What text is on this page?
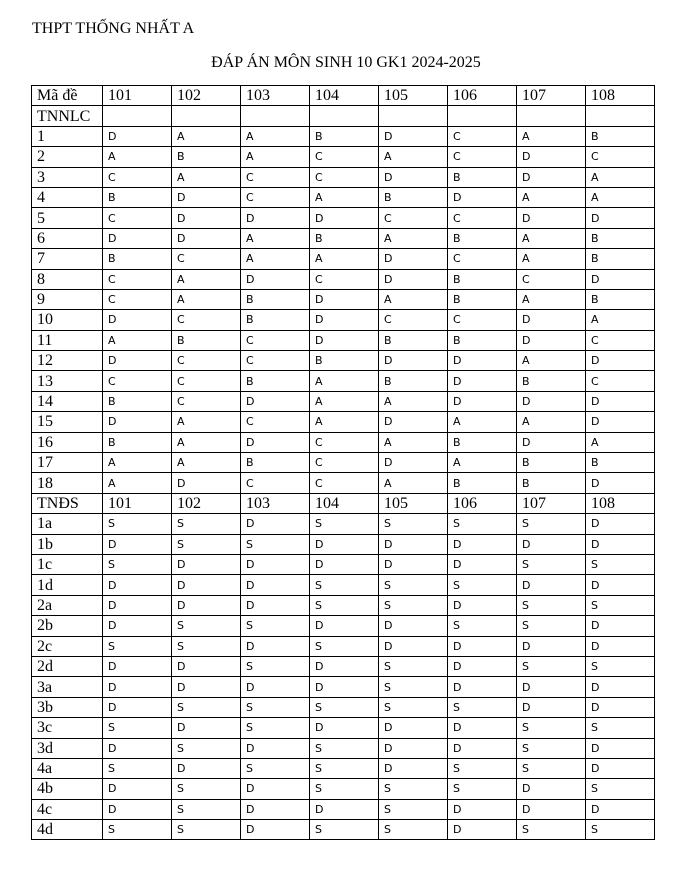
THPT THỐNG NHẤT A
ĐÁP ÁN MÔN SINH 10 GK1 2024-2025
Mã đề	101	102	103	104	105	106	107	108
TNNLC								
1	D	A	A	B	D	C	A	B
2	A	B	A	C	A	C	D	C
3	C	A	C	C	D	B	D	A
4	B	D	C	A	B	D	A	A
5	C	D	D	D	C	C	D	D
6	D	D	A	B	A	B	A	B
7	B	C	A	A	D	C	A	B
8	C	A	D	C	D	B	C	D
9	C	A	B	D	A	B	A	B
10	D	C	B	D	C	C	D	A
11	A	B	C	D	B	B	D	C
12	D	C	C	B	D	D	A	D
13	C	C	B	A	B	D	B	C
14	B	C	D	A	A	D	D	D
15	D	A	C	A	D	A	A	D
16	B	A	D	C	A	B	D	A
17	A	A	B	C	D	A	B	B
18	A	D	C	C	A	B	B	D
TNĐS	101	102	103	104	105	106	107	108
1a	S	S	D	S	S	S	S	D
1b	D	S	S	D	D	D	D	D
1c	S	D	D	D	D	D	S	S
1d	D	D	D	S	S	S	D	D
2a	D	D	D	S	S	D	S	S
2b	D	S	S	D	D	S	S	D
2c	S	S	D	S	D	D	D	D
2d	D	D	S	D	S	D	S	S
3a	D	D	D	D	S	D	D	D
3b	D	S	S	S	S	S	D	D
3c	S	D	S	D	D	D	S	S
3d	D	S	D	S	D	D	S	D
4a	S	D	S	S	D	S	S	D
4b	D	S	D	S	S	S	D	S
4c	D	S	D	D	S	D	D	D
4d	S	S	D	S	S	D	S	S
